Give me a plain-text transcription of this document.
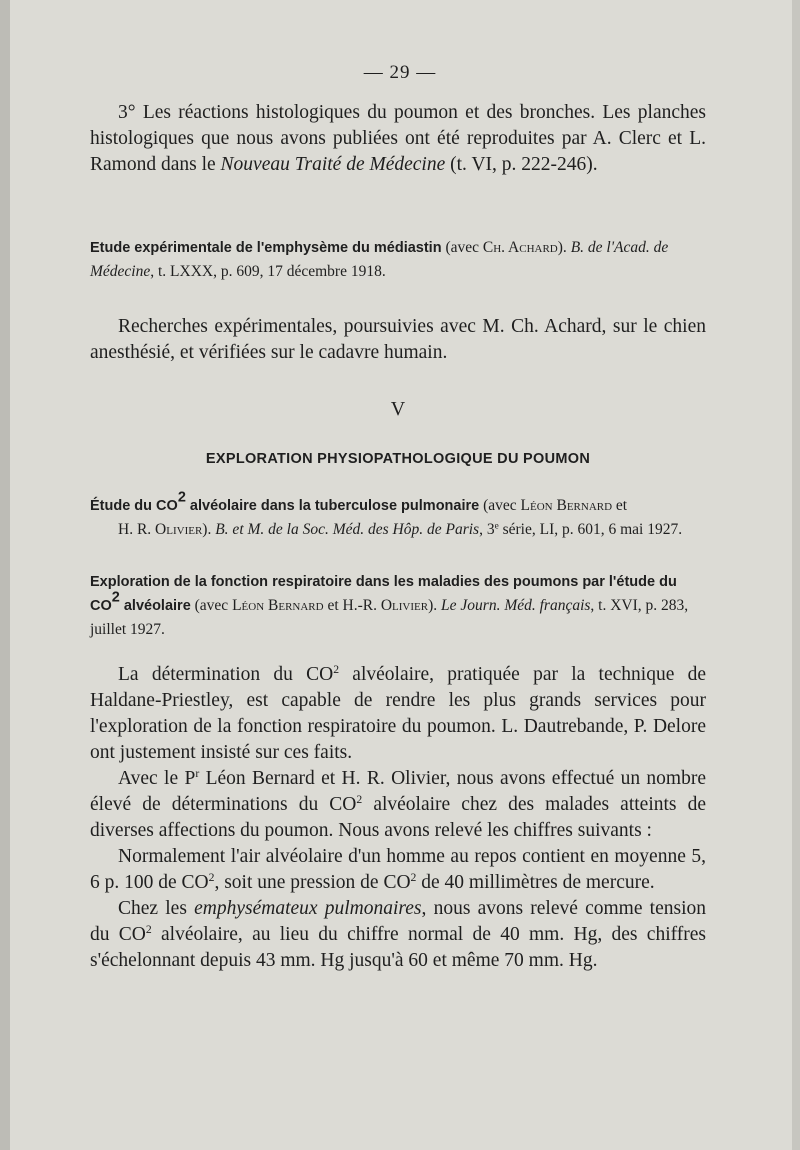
— 29 —

3° Les réactions histologiques du poumon et des bronches. Les planches histologiques que nous avons publiées ont été reproduites par A. Clerc et L. Ramond dans le Nouveau Traité de Médecine (t. VI, p. 222-246).

Etude expérimentale de l'emphysème du médiastin (avec Ch. Achard). B. de l'Acad. de Médecine, t. LXXX, p. 609, 17 décembre 1918.

Recherches expérimentales, poursuivies avec M. Ch. Achard, sur le chien anesthésié, et vérifiées sur le cadavre humain.

V
EXPLORATION PHYSIOPATHOLOGIQUE DU POUMON
Étude du $CO^2$ alvéolaire dans la tuberculose pulmonaire (avec Léon Bernard et
H. R. Olivier). B. et M. de la Soc. Méd. des Hôp. de Paris, 3e série, LI, p. 601, 6 mai 1927.
Exploration de la fonction respiratoire dans les maladies des poumons par l'étude du $CO^2$ alvéolaire (avec Léon Bernard et H.-R. Olivier). Le Journ. Méd. français, t. XVI, p. 283, juillet 1927.

La détermination du $CO^2$ alvéolaire, pratiquée par la technique de Haldane-Priestley, est capable de rendre les plus grands services pour l'exploration de la fonction respiratoire du poumon. L. Dautrebande, P. Delore ont justement insisté sur ces faits.

Avec le $P^r$ Léon Bernard et H. R. Olivier, nous avons effectué un nombre élevé de déterminations du $CO^2$ alvéolaire chez des malades atteints de diverses affections du poumon. Nous avons relevé les chiffres suivants :

Normalement l'air alvéolaire d'un homme au repos contient en moyenne 5, 6 p. 100 de $CO^2$, soit une pression de $CO^2$ de 40 millimètres de mercure.

Chez les emphysémateux pulmonaires, nous avons relevé comme tension du $CO^2$ alvéolaire, au lieu du chiffre normal de 40 mm. Hg, des chiffres s'échelonnant depuis 43 mm. Hg jusqu'à 60 et même 70 mm. Hg.
